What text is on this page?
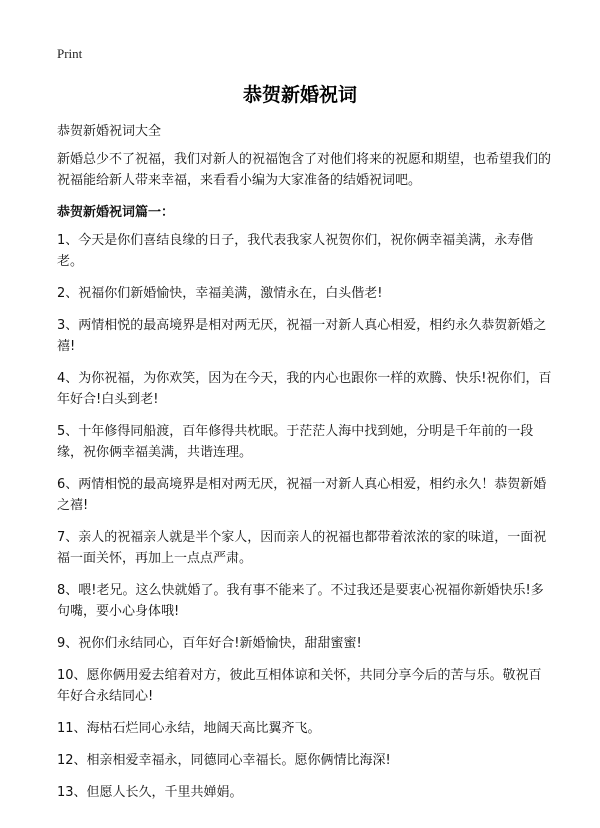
Print
恭贺新婚祝词

恭贺新婚祝词大全

新婚总少不了祝福，我们对新人的祝福饱含了对他们将来的祝愿和期望，也希望我们的祝福能给新人带来幸福，来看看小编为大家准备的结婚祝词吧。

恭贺新婚祝词篇一：

1、今天是你们喜结良缘的日子，我代表我家人祝贺你们，祝你俩幸福美满，永寿偕老。
2、祝福你们新婚愉快，幸福美满，激情永在，白头偕老!
3、两情相悦的最高境界是相对两无厌，祝福一对新人真心相爱，相约永久恭贺新婚之禧!
4、为你祝福，为你欢笑，因为在今天，我的内心也跟你一样的欢腾、快乐!祝你们，百年好合!白头到老!
5、十年修得同船渡，百年修得共枕眠。于茫茫人海中找到她，分明是千年前的一段缘，祝你俩幸福美满，共谐连理。
6、两情相悦的最高境界是相对两无厌，祝福一对新人真心相爱，相约永久！恭贺新婚之禧!
7、亲人的祝福亲人就是半个家人，因而亲人的祝福也都带着浓浓的家的味道，一面祝福一面关怀，再加上一点点严肃。
8、喂!老兄。这么快就婚了。我有事不能来了。不过我还是要衷心祝福你新婚快乐!多句嘴，要小心身体哦!
9、祝你们永结同心，百年好合!新婚愉快，甜甜蜜蜜!
10、愿你俩用爱去绾着对方，彼此互相体谅和关怀，共同分享今后的苦与乐。敬祝百年好合永结同心!
11、海枯石烂同心永结，地阔天高比翼齐飞。
12、相亲相爱幸福永，同德同心幸福长。愿你俩情比海深!
13、但愿人长久，千里共婵娟。
